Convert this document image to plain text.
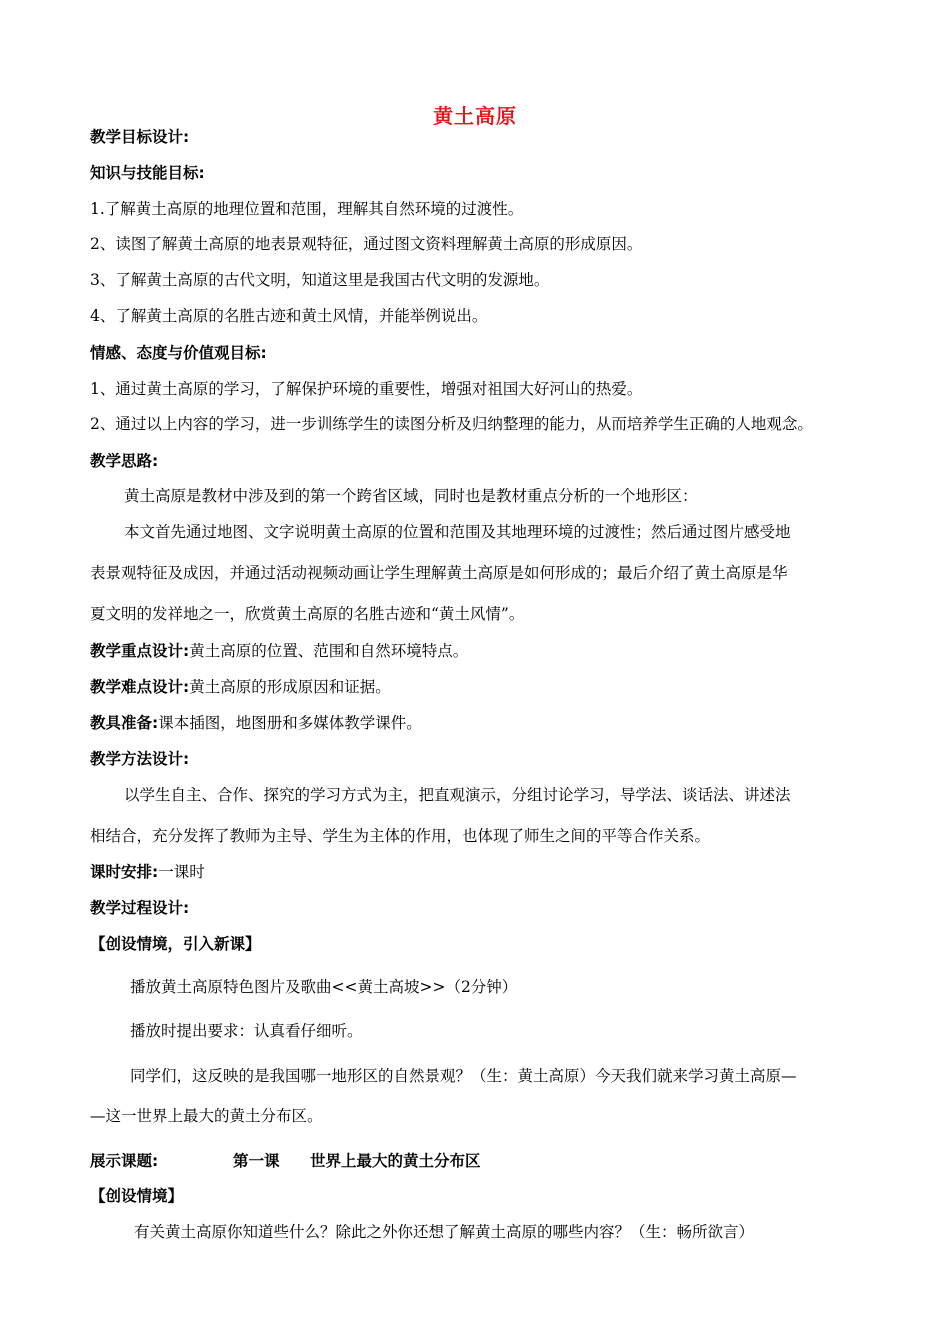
黄土高原
教学目标设计:
知识与技能目标:
1.了解黄土高原的地理位置和范围，理解其自然环境的过渡性。
2、读图了解黄土高原的地表景观特征，通过图文资料理解黄土高原的形成原因。
3、了解黄土高原的古代文明，知道这里是我国古代文明的发源地。
4、了解黄土高原的名胜古迹和黄土风情，并能举例说出。
情感、态度与价值观目标:
1、通过黄土高原的学习，了解保护环境的重要性，增强对祖国大好河山的热爱。
2、通过以上内容的学习，进一步训练学生的读图分析及归纳整理的能力，从而培养学生正确的人地观念。
教学思路:
黄土高原是教材中涉及到的第一个跨省区域，同时也是教材重点分析的一个地形区：
本文首先通过地图、文字说明黄土高原的位置和范围及其地理环境的过渡性；然后通过图片感受地
表景观特征及成因，并通过活动视频动画让学生理解黄土高原是如何形成的；最后介绍了黄土高原是华
夏文明的发祥地之一，欣赏黄土高原的名胜古迹和“黄土风情”。
教学重点设计:黄土高原的位置、范围和自然环境特点。
教学难点设计:黄土高原的形成原因和证据。
教具准备:课本插图，地图册和多媒体教学课件。
教学方法设计:
以学生自主、合作、探究的学习方式为主，把直观演示，分组讨论学习，导学法、谈话法、讲述法
相结合，充分发挥了教师为主导、学生为主体的作用，也体现了师生之间的平等合作关系。
课时安排:一课时
教学过程设计:
【创设情境，引入新课】
播放黄土高原特色图片及歌曲<<黄土高坡>>（2分钟）
播放时提出要求：认真看仔细听。
同学们，这反映的是我国哪一地形区的自然景观？（生：黄土高原）今天我们就来学习黄土高原—
—这一世界上最大的黄土分布区。
展示课题:	第一课 世界上最大的黄土分布区
【创设情境】
有关黄土高原你知道些什么？除此之外你还想了解黄土高原的哪些内容？（生：畅所欲言）
